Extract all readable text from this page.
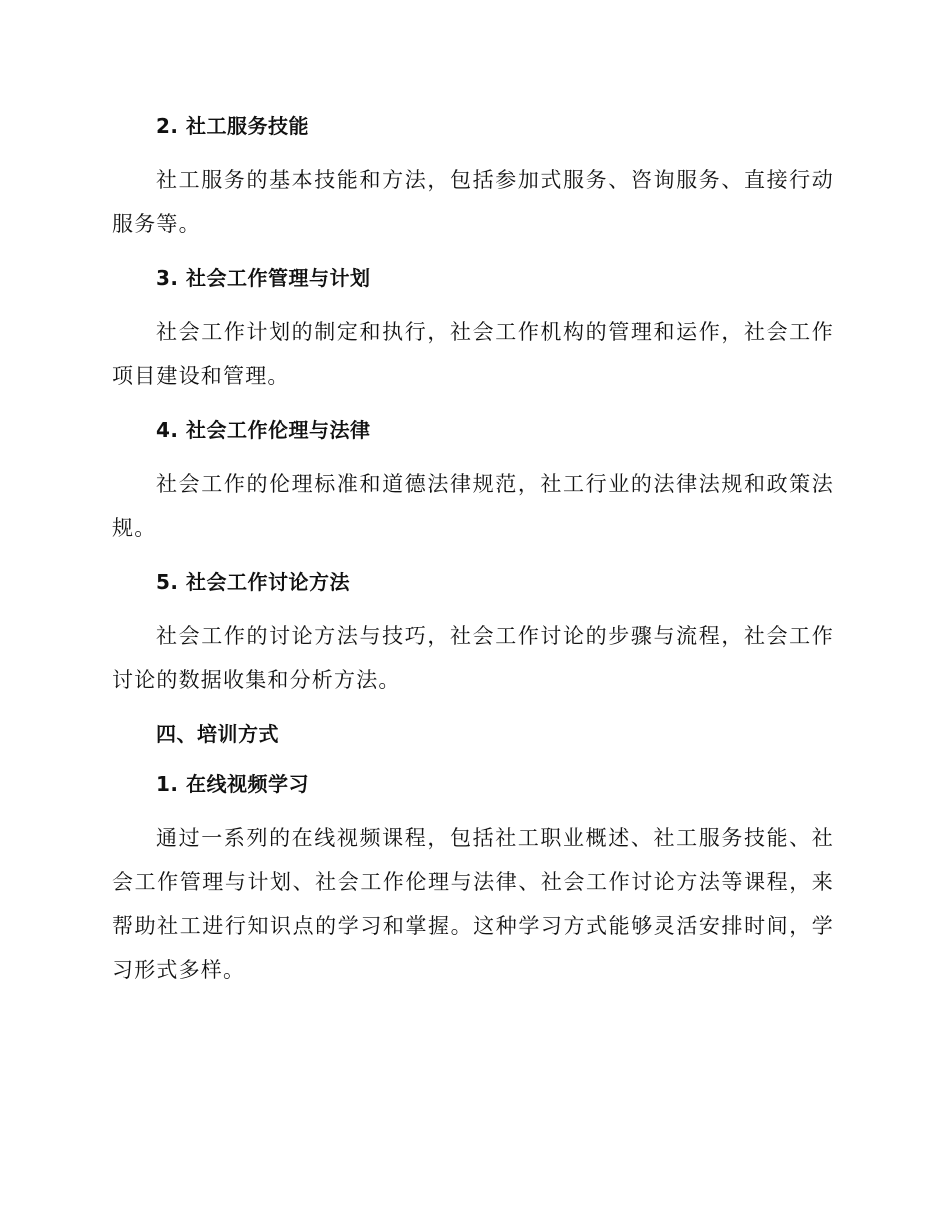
2. 社工服务技能

社工服务的基本技能和方法，包括参加式服务、咨询服务、直接行动服务等。

3. 社会工作管理与计划

社会工作计划的制定和执行，社会工作机构的管理和运作，社会工作项目建设和管理。

4. 社会工作伦理与法律

社会工作的伦理标准和道德法律规范，社工行业的法律法规和政策法规。

5. 社会工作讨论方法

社会工作的讨论方法与技巧，社会工作讨论的步骤与流程，社会工作讨论的数据收集和分析方法。

四、培训方式
1. 在线视频学习

通过一系列的在线视频课程，包括社工职业概述、社工服务技能、社会工作管理与计划、社会工作伦理与法律、社会工作讨论方法等课程，来帮助社工进行知识点的学习和掌握。这种学习方式能够灵活安排时间，学习形式多样。
